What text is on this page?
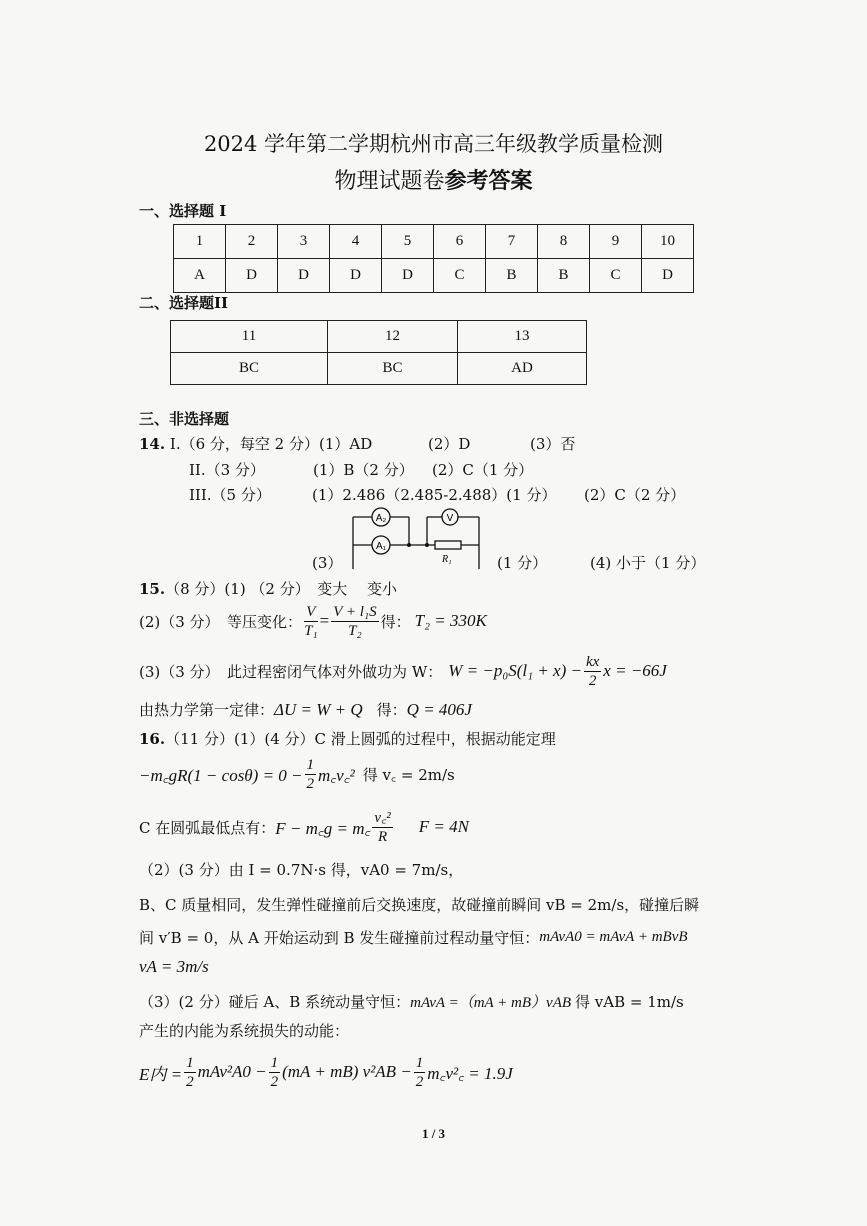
2024 学年第二学期杭州市高三年级教学质量检测
物理试题卷参考答案
一、选择题 I
1	2	3	4	5	6	7	8	9	10
A	D	D	D	D	C	B	B	C	D
二、选择题II
11	12	13
BC	BC	AD
三、非选择题
14. I.（6 分，每空 2 分）(1）AD	(2）D	(3）否
II.（3 分）	(1）B（2 分） (2）C（1 分）
III.（5 分）	(1）2.486（2.485-2.488）(1 分） (2）C（2 分）
(3）
A₂
A₁
V
R₁	(1 分）	(4) 小于（1 分）
15.（8 分）(1) （2 分）　变大　 变小
(2)（3 分）　等压变化： $\frac{V}{\text{T₁}} = \frac{\text{V + l₁S}}{\text{T₂}}$ 得： T₂ = 330K
(3)（3 分）　此过程密闭气体对外做功为 W： $W = -p_0S(l_1 + x) - \frac{kx}{2}$ x = −66J
由热力学第一定律： ΔU = W + Q 得： Q = 406J
16.（11 分）(1）(4 分）C 滑上圆弧的过程中，根据动能定理
−m꜀gR(1 − $\cos\theta) = 0 - \frac{1}{2}$ m꜀v꜀² 得 v꜀ = 2m/s
C 在圆弧最低点有： F − m꜀g = m꜀ $\frac{\text{v꜀²}}{R}$ F = 4N
（2）(3 分）由 I = 0.7N·s 得，vA0 = 7m/s，
B、C 质量相同，发生弹性碰撞前后交换速度，故碰撞前瞬间 vB = 2m/s，碰撞后瞬
间 v′B = 0，从 A 开始运动到 B 发生碰撞前过程动量守恒： mAvA0 = mAvA + mBvB
vA = 3m/s
（3）(2 分）碰后 A、B 系统动量守恒： mAvA =（mA + mB）vAB 得 vAB = 1m/s
产生的内能为系统损失的动能：
E内 = $\frac{1}{2} mAv^2A0 - \frac{1}{2} (mA + mB) v^2AB - \frac{1}{2}$ m꜀v²꜀ = 1.9J
1 / 3
